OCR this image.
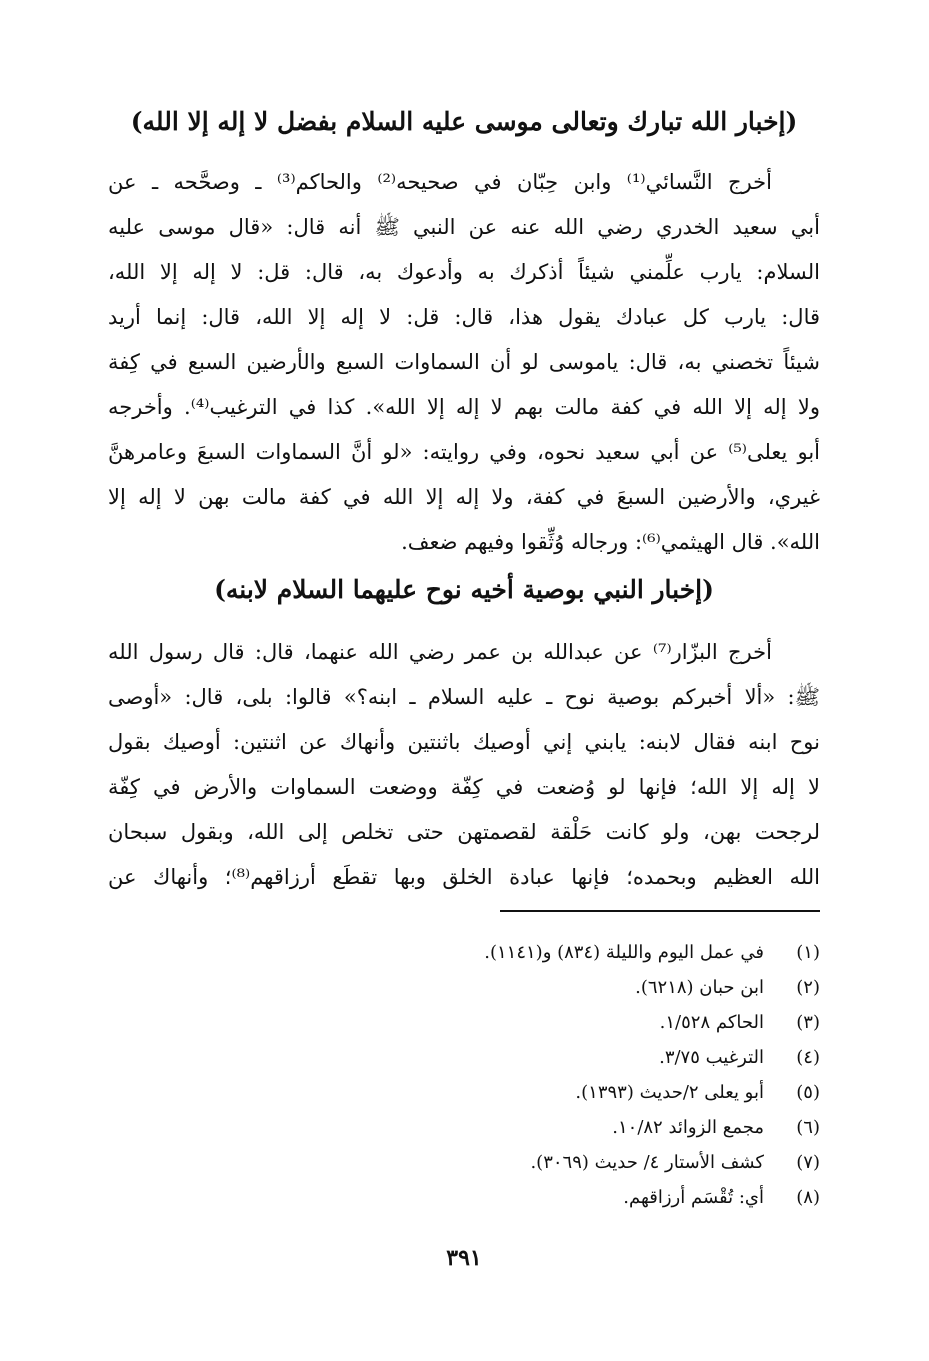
(إخبار الله تبارك وتعالى موسى عليه السلام بفضل لا إله إلا الله)
أخرج النَّسائي⁽¹⁾ وابن حِبّان في صحيحه⁽²⁾ والحاكم⁽³⁾ ـ وصحَّحه ـ عن
أبي سعيد الخدري رضي الله عنه عن النبي ﷺ أنه قال: «قال موسى عليه
السلام: يارب علِّمني شيئاً أذكرك به وأدعوك به، قال: قل: لا إله إلا الله،
قال: يارب كل عبادك يقول هذا، قال: قل: لا إله إلا الله، قال: إنما أريد
شيئاً تخصني به، قال: ياموسى لو أن السماوات السبع والأرضين السبع في كِفة
ولا إله إلا الله في كفة مالت بهم لا إله إلا الله». كذا في الترغيب⁽⁴⁾. وأخرجه
أبو يعلى⁽⁵⁾ عن أبي سعيد نحوه، وفي روايته: «لو أنَّ السماوات السبعَ وعامرهنَّ
غيري، والأرضين السبعَ في كفة، ولا إله إلا الله في كفة مالت بهن لا إله إلا
الله». قال الهيثمي⁽⁶⁾: ورجاله وُثِّقوا وفيهم ضعف.
(إخبار النبي بوصية أخيه نوح عليهما السلام لابنه)
أخرج البزّار⁽⁷⁾ عن عبدالله بن عمر رضي الله عنهما، قال: قال رسول الله
ﷺ: «ألا أخبركم بوصية نوح ـ عليه السلام ـ ابنه؟» قالوا: بلى، قال: «أوصى
نوح ابنه فقال لابنه: يابني إني أوصيك باثنتين وأنهاك عن اثنتين: أوصيك بقول
لا إله إلا الله؛ فإنها لو وُضعت في كِفّة ووضعت السماوات والأرض في كِفّة
لرجحت بهن، ولو كانت حَلْقة لقصمتهن حتى تخلص إلى الله، وبقول سبحان
الله العظيم وبحمده؛ فإنها عبادة الخلق وبها تقطَع أرزاقهم⁽⁸⁾؛ وأنهاك عن
(١)في عمل اليوم والليلة (٨٣٤) و(١١٤١).
(٢)ابن حبان (٦٢١٨).
(٣)الحاكم ١/٥٢٨.
(٤)الترغيب ٣/٧٥.
(٥)أبو يعلى ٢/حديث (١٣٩٣).
(٦)مجمع الزوائد ١٠/٨٢.
(٧)كشف الأستار ٤/ حديث (٣٠٦٩).
(٨)أي: تُقْسَم أرزاقهم.
٣٩١
